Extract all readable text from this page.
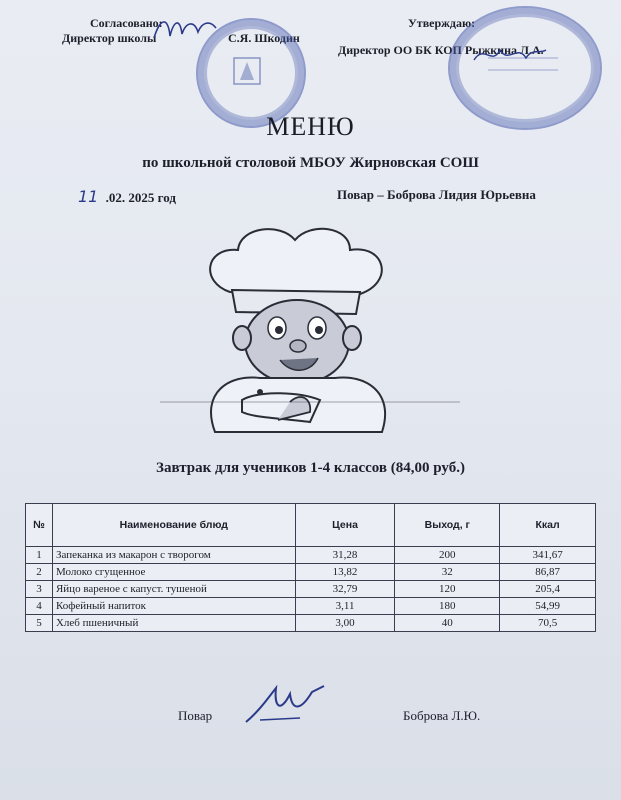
Согласовано:
Директор школы	С.Я. Шкодин
Утверждаю:
Директор ОО БК КОП Рыжкина Л.А.
МЕНЮ
по школьной столовой МБОУ Жирновская СОШ
11 .02. 2025 год	Повар – Боброва Лидия Юрьевна
Завтрак для учеников 1-4 классов (84,00 руб.)
№	Наименование блюд	Цена	Выход, г	Ккал
1	Запеканка из макарон с творогом	31,28	200	341,67
2	Молоко сгущенное	13,82	32	86,87
3	Яйцо вареное с капуст. тушеной	32,79	120	205,4
4	Кофейный напиток	3,11	180	54,99
5	Хлеб пшеничный	3,00	40	70,5
Повар	Боброва Л.Ю.
